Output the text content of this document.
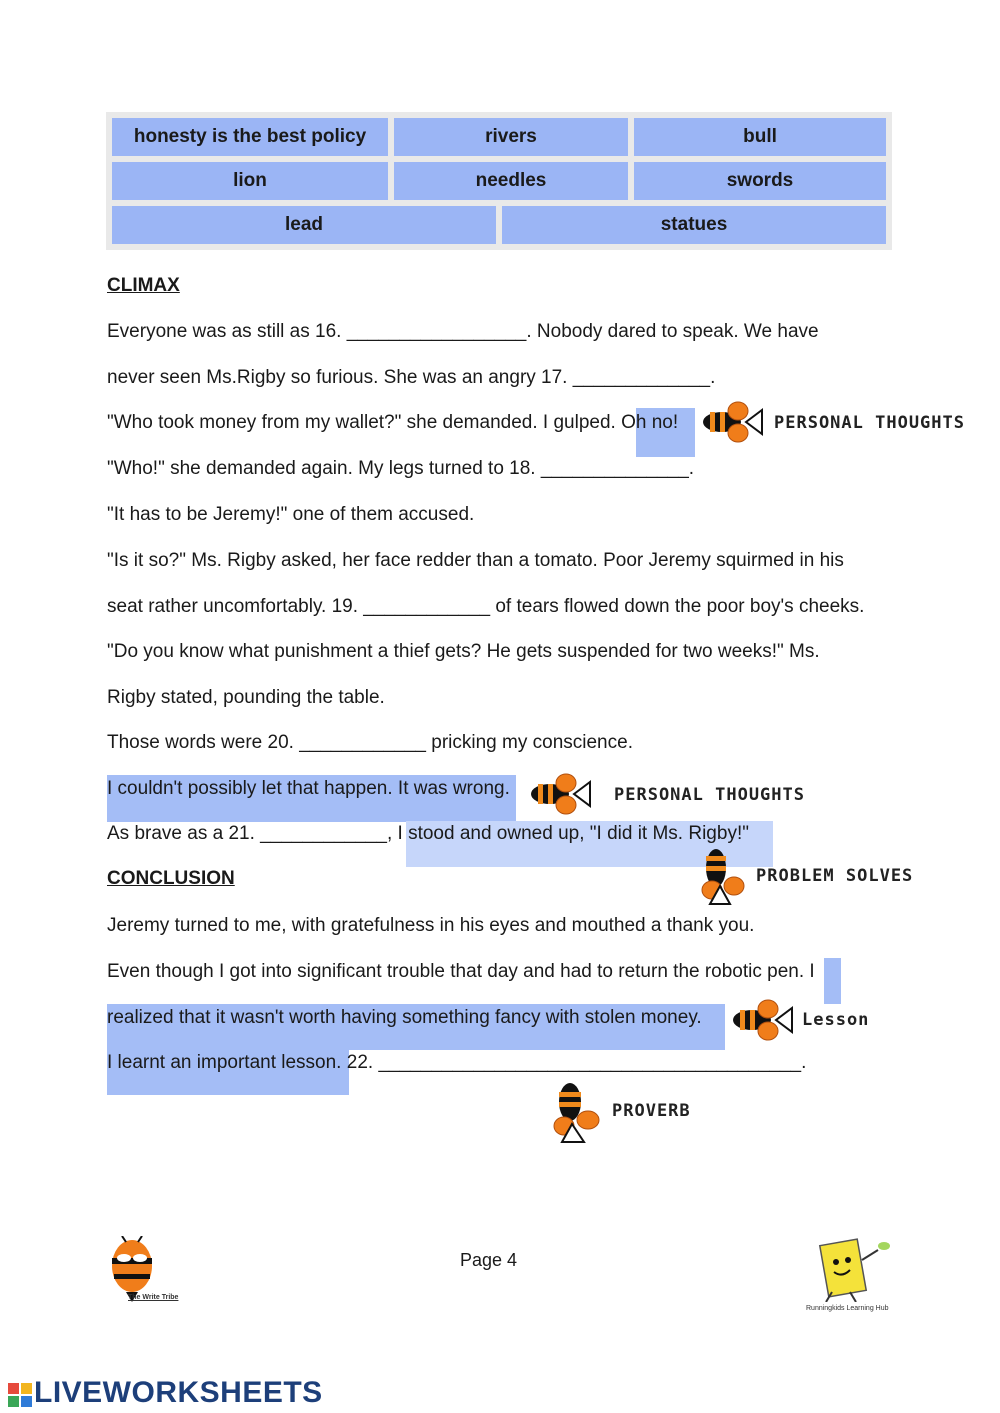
honesty is the best policy	rivers	bull
lion	needles	swords
lead	statues
CLIMAX
Everyone was as still as 16. _________________. Nobody dared to speak. We have
never seen Ms.Rigby so furious. She was an angry 17. _____________.
"Who took money from my wallet?" she demanded. I gulped. Oh no!
"Who!" she demanded again. My legs turned to 18. ______________.
"It has to be Jeremy!" one of them accused.
"Is it so?" Ms. Rigby asked, her face redder than a tomato. Poor Jeremy squirmed in his
seat rather uncomfortably. 19. ____________ of tears flowed down the poor boy's cheeks.
"Do you know what punishment a thief gets? He gets suspended for two weeks!" Ms.
Rigby stated, pounding the table.
Those words were 20. ____________ pricking my conscience.
I couldn't possibly let that happen. It was wrong.
As brave as a 21. ____________, I stood and owned up, "I did it Ms. Rigby!"
CONCLUSION
Jeremy turned to me, with gratefulness in his eyes and mouthed a thank you.
Even though I got into significant trouble that day and had to return the robotic pen. I
realized that it wasn't worth having something fancy with stolen money.
I learnt an important lesson. 22. ________________________________________.
PERSONAL THOUGHTS
PERSONAL THOUGHTS
PROBLEM SOLVES
Lesson
PROVERB
The Write Tribe
Page 4
Runningkids Learning Hub
LIVEWORKSHEETS
